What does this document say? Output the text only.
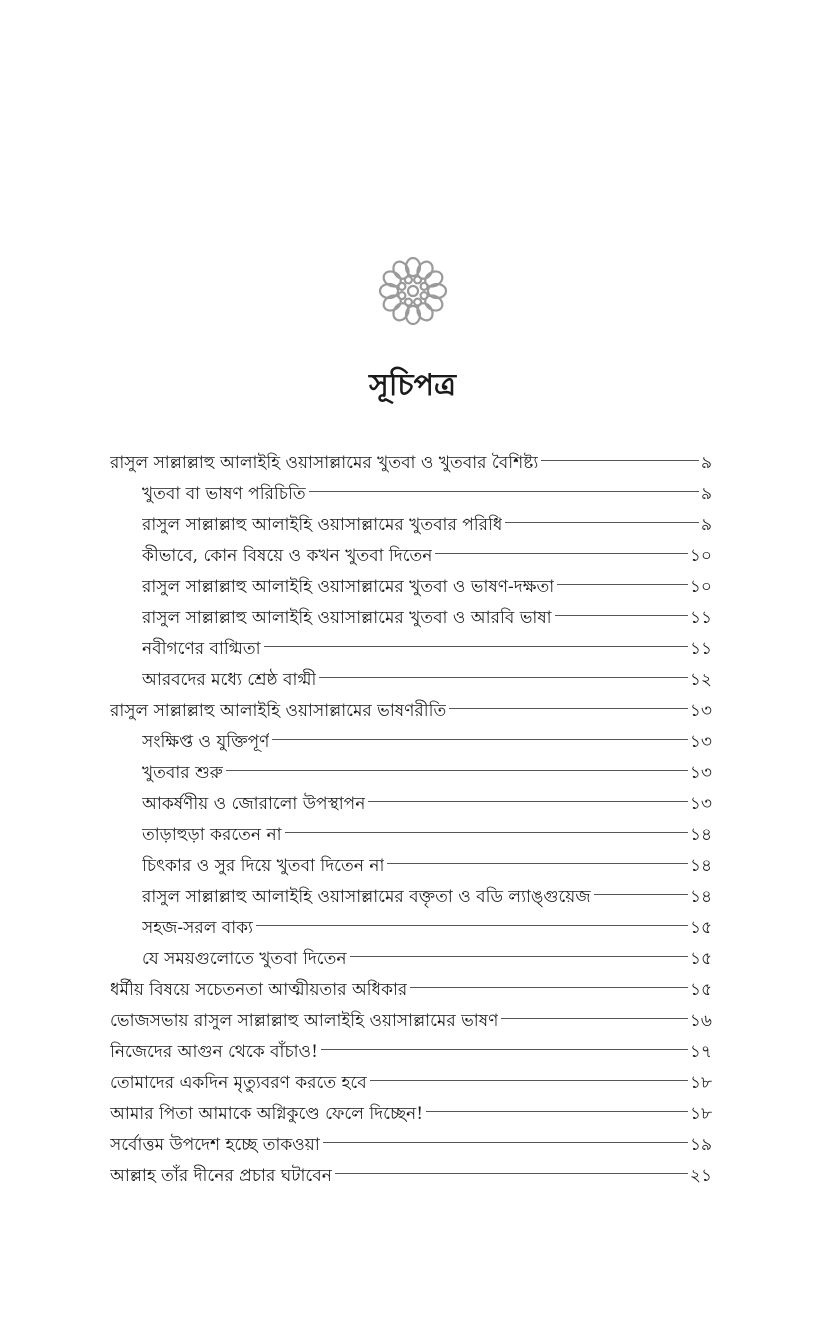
সূচিপত্র
রাসুল সাল্লাল্লাহু আলাইহি ওয়াসাল্লামের খুতবা ও খুতবার বৈশিষ্ট্য	৯
খুতবা বা ভাষণ পরিচিতি	৯
রাসুল সাল্লাল্লাহু আলাইহি ওয়াসাল্লামের খুতবার পরিধি	৯
কীভাবে, কোন বিষয়ে ও কখন খুতবা দিতেন	১০
রাসুল সাল্লাল্লাহু আলাইহি ওয়াসাল্লামের খুতবা ও ভাষণ-দক্ষতা	১০
রাসুল সাল্লাল্লাহু আলাইহি ওয়াসাল্লামের খুতবা ও আরবি ভাষা	১১
নবীগণের বাগ্মিতা	১১
আরবদের মধ্যে শ্রেষ্ঠ বাগ্মী	১২
রাসুল সাল্লাল্লাহু আলাইহি ওয়াসাল্লামের ভাষণরীতি	১৩
সংক্ষিপ্ত ও যুক্তিপূর্ণ	১৩
খুতবার শুরু	১৩
আকর্ষণীয় ও জোরালো উপস্থাপন	১৩
তাড়াহুড়া করতেন না	১৪
চিৎকার ও সুর দিয়ে খুতবা দিতেন না	১৪
রাসুল সাল্লাল্লাহু আলাইহি ওয়াসাল্লামের বক্তৃতা ও বডি ল্যাঙ্গুয়েজ	১৪
সহজ-সরল বাক্য	১৫
যে সময়গুলোতে খুতবা দিতেন	১৫
ধর্মীয় বিষয়ে সচেতনতা আত্মীয়তার অধিকার	১৫
ভোজসভায় রাসুল সাল্লাল্লাহু আলাইহি ওয়াসাল্লামের ভাষণ	১৬
নিজেদের আগুন থেকে বাঁচাও!	১৭
তোমাদের একদিন মৃত্যুবরণ করতে হবে	১৮
আমার পিতা আমাকে অগ্নিকুণ্ডে ফেলে দিচ্ছেন!	১৮
সর্বোত্তম উপদেশ হচ্ছে তাকওয়া	১৯
আল্লাহ তাঁর দীনের প্রচার ঘটাবেন	২১
